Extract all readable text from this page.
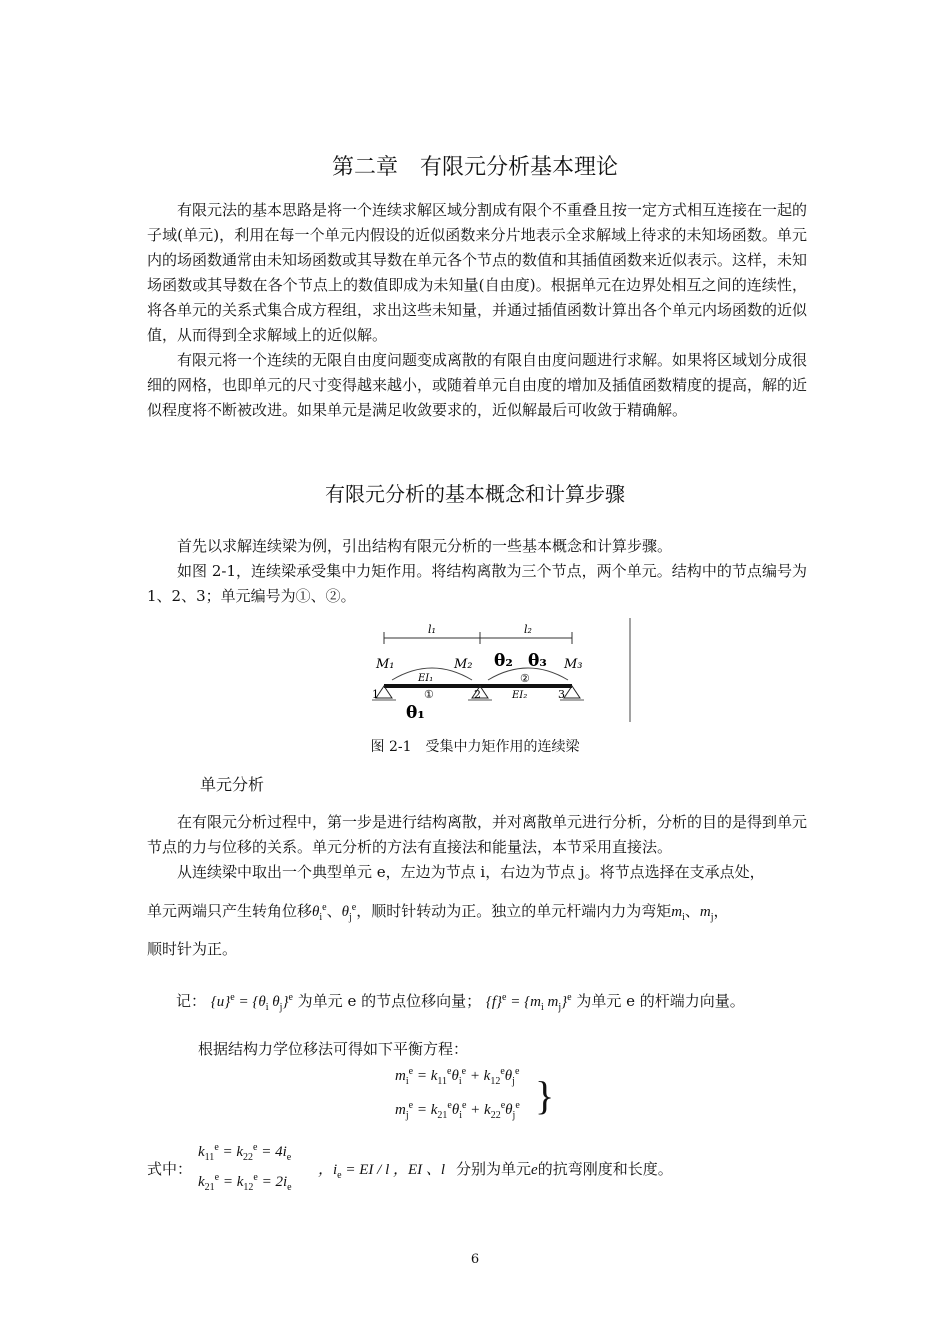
第二章　有限元分析基本理论

有限元法的基本思路是将一个连续求解区域分割成有限个不重叠且按一定方式相互连接在一起的子域(单元)，利用在每一个单元内假设的近似函数来分片地表示全求解域上待求的未知场函数。单元内的场函数通常由未知场函数或其导数在单元各个节点的数值和其插值函数来近似表示。这样，未知场函数或其导数在各个节点上的数值即成为未知量(自由度)。根据单元在边界处相互之间的连续性，将各单元的关系式集合成方程组，求出这些未知量，并通过插值函数计算出各个单元内场函数的近似值，从而得到全求解域上的近似解。

有限元将一个连续的无限自由度问题变成离散的有限自由度问题进行求解。如果将区域划分成很细的网格，也即单元的尺寸变得越来越小，或随着单元自由度的增加及插值函数精度的提高，解的近似程度将不断被改进。如果单元是满足收敛要求的，近似解最后可收敛于精确解。

有限元分析的基本概念和计算步骤

首先以求解连续梁为例，引出结构有限元分析的一些基本概念和计算步骤。

如图 2-1，连续梁承受集中力矩作用。将结构离散为三个节点，两个单元。结构中的节点编号为 1、2、3；单元编号为①、②。

l₁	l₂
M₁	M₂	M₃
θ₂ θ₃
θ₁
EI₁
EI₂
1	2	3
①
②
图 2-1　受集中力矩作用的连续梁
单元分析

在有限元分析过程中，第一步是进行结构离散，并对离散单元进行分析，分析的目的是得到单元节点的力与位移的关系。单元分析的方法有直接法和能量法，本节采用直接法。

从连续梁中取出一个典型单元 e，左边为节点 i，右边为节点 j。将节点选择在支承点处，

单元两端只产生转角位移$\theta_i^e$、$\theta_j^e$，顺时针转动为正。独立的单元杆端内力为弯矩$m_i$、$m_j$，
顺时针为正。
记： $\{u\}^e = \{\theta_i$ $\theta_j\}^e$ 为单元 e 的节点位移向量； $\{f\}^e = \{m_i$ $m_j\}^e$ 为单元 e 的杆端力向量。
根据结构力学位移法可得如下平衡方程：
$m_i^e = k_{11}^e\theta_i^e + k_{12}^e\theta_j^e$
$m_j^e = k_{21}^e\theta_i^e + k_{22}^e\theta_j^e$ }
式中：
$k_{11}^e = k_{22}^e = 4i_e$
$k_{21}^e = k_{12}^e = 2i_e$
，$i_e$ = EI / l ，EI 、l 分别为单元e的抗弯刚度和长度。
6
